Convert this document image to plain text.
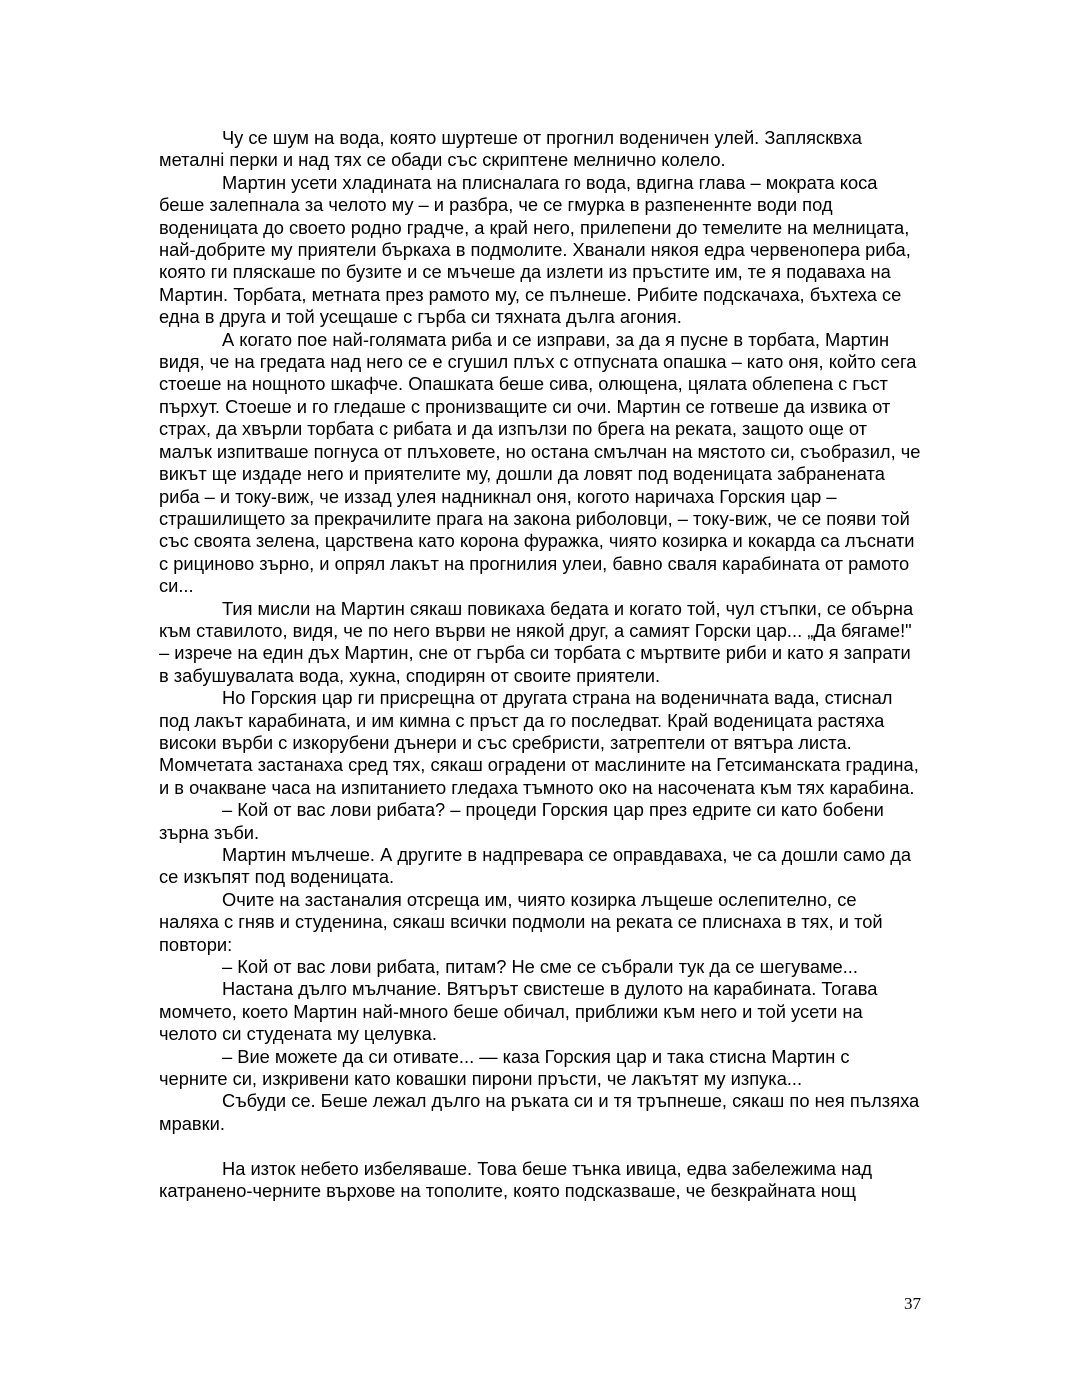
Чу се шум на вода, която шуртеше от прогнил воденичен улей. Заплясквха металнi перки и над тях се обади със скриптене мелнично колело.

Мартин усети хладината на плисналага го вода, вдигна глава – мократа коса беше залепнала за челото му – и разбра, че се гмурка в разпененнте води под воденицата до своето родно градче, а край него, прилепени до темелите на мелницата, най-добрите му приятели бъркаха в подмолите. Хванали някоя едра червенопера риба, която ги пляскаше по бузите и се мъчеше да излети из пръстите им, те я подаваха на Мартин. Торбата, метната през рамото му, се пълнеше. Рибите подскачаха, бъхтеха се една в друга и той усещаше с гърба си тяхната дълга агония.

А когато пое най-голямата риба и се изправи, за да я пусне в торбата, Мартин видя, че на гредата над него се е сгушил плъх с отпусната опашка – като оня, който сега стоеше на нощното шкафче. Опашката беше сива, олющена, цялата облепена с гъст пърхут. Стоеше и го гледаше с пронизващите си очи. Мартин се готвеше да извика от страх, да хвърли торбата с рибата и да изпълзи по брега на реката, защото още от малък изпитваше погнуса от плъховете, но остана смълчан на мястото си, съобразил, че викът ще издаде него и приятелите му, дошли да ловят под воденицата забранената риба – и току-виж, че иззад улея надникнал оня, когото наричаха Горския цар – страшилището за прекрачилите прага на закона риболовци, – току-виж, че се появи той със своята зелена, царствена като корона фуражка, чиято козирка и кокарда са лъснати с рициново зърно, и опрял лакът на прогнилия улеи, бавно сваля карабината от рамото си...

Тия мисли на Мартин сякаш повикаха бедата и когато той, чул стъпки, се обърна към ставилото, видя, че по него върви не някой друг, а самият Горски цар... „Да бягаме!" – изрече на един дъх Мартин, сне от гърба си торбата с мъртвите риби и като я запрати в забушувалата вода, хукна, сподирян от своите приятели.

Но Горския цар ги присрещна от другата страна на воденичната вада, стиснал под лакът карабината, и им кимна с пръст да го последват. Край воденицата растяха високи върби с изкорубени дънери и със сребристи, затрептели от вятъра листа. Момчетата застанаха сред тях, сякаш оградени от маслините на Гетсиманската градина, и в очакване часа на изпитанието гледаха тъмното око на насочената към тях карабина.

– Кой от вас лови рибата? – процеди Горския цар през едрите си като бобени зърна зъби.

Мартин мълчеше. А другите в надпревара се оправдаваха, че са дошли само да се изкъпят под воденицата.

Очите на застаналия отсреща им, чиято козирка лъщеше ослепително, се наляха с гняв и студенина, сякаш всички подмоли на реката се плиснаха в тях, и той повтори:

– Кой от вас лови рибата, питам? Не сме се събрали тук да се шегуваме...

Настана дълго мълчание. Вятърът свистеше в дулото на карабината. Тогава момчето, което Мартин най-много беше обичал, приближи към него и той усети на челото си студената му целувка.

– Вие можете да си отивате... — каза Горския цар и така стисна Мартин с черните си, изкривени като ковашки пирони пръсти, че лакътят му изпука...

Събуди се. Беше лежал дълго на ръката си и тя тръпнеше, сякаш по нея пълзяха мравки.

На изток небето избеляваше. Това беше тънка ивица, едва забележима над катранено-черните върхове на тополите, която подсказваше, че безкрайната нощ

37
